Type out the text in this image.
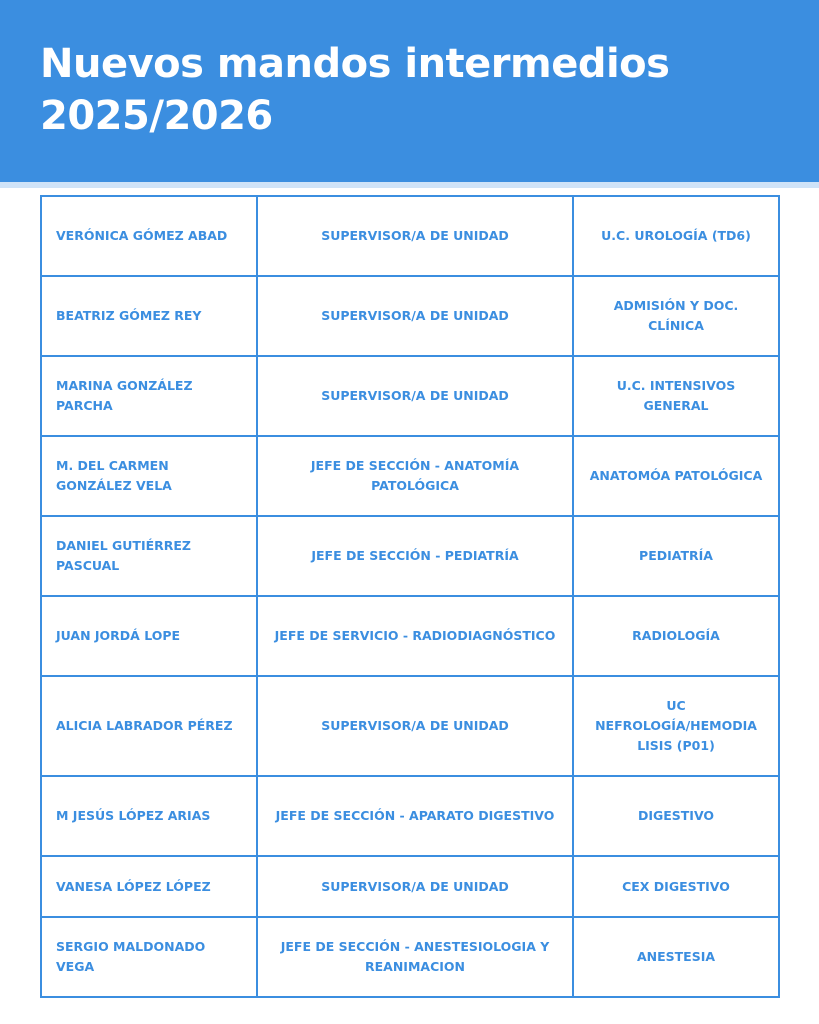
Nuevos mandos intermedios
2025/2026
VERÓNICA GÓMEZ ABAD	SUPERVISOR/A DE UNIDAD	U.C. UROLOGÍA (TD6)
BEATRIZ GÓMEZ REY	SUPERVISOR/A DE UNIDAD	ADMISIÓN Y DOC. CLÍNICA
MARINA GONZÁLEZ PARCHA	SUPERVISOR/A DE UNIDAD	U.C. INTENSIVOS GENERAL
M. DEL CARMEN GONZÁLEZ VELA	JEFE DE SECCIÓN - ANATOMÍA PATOLÓGICA	ANATOMÓA PATOLÓGICA
DANIEL GUTIÉRREZ PASCUAL	JEFE DE SECCIÓN - PEDIATRÍA	PEDIATRÍA
JUAN JORDÁ LOPE	JEFE DE SERVICIO - RADIODIAGNÓSTICO	RADIOLOGÍA
ALICIA LABRADOR PÉREZ	SUPERVISOR/A DE UNIDAD	UC NEFROLOGÍA/HEMODIA LISIS (P01)
M JESÚS LÓPEZ ARIAS	JEFE DE SECCIÓN - APARATO DIGESTIVO	DIGESTIVO
VANESA LÓPEZ LÓPEZ	SUPERVISOR/A DE UNIDAD	CEX DIGESTIVO
SERGIO MALDONADO VEGA	JEFE DE SECCIÓN - ANESTESIOLOGIA Y REANIMACION	ANESTESIA
